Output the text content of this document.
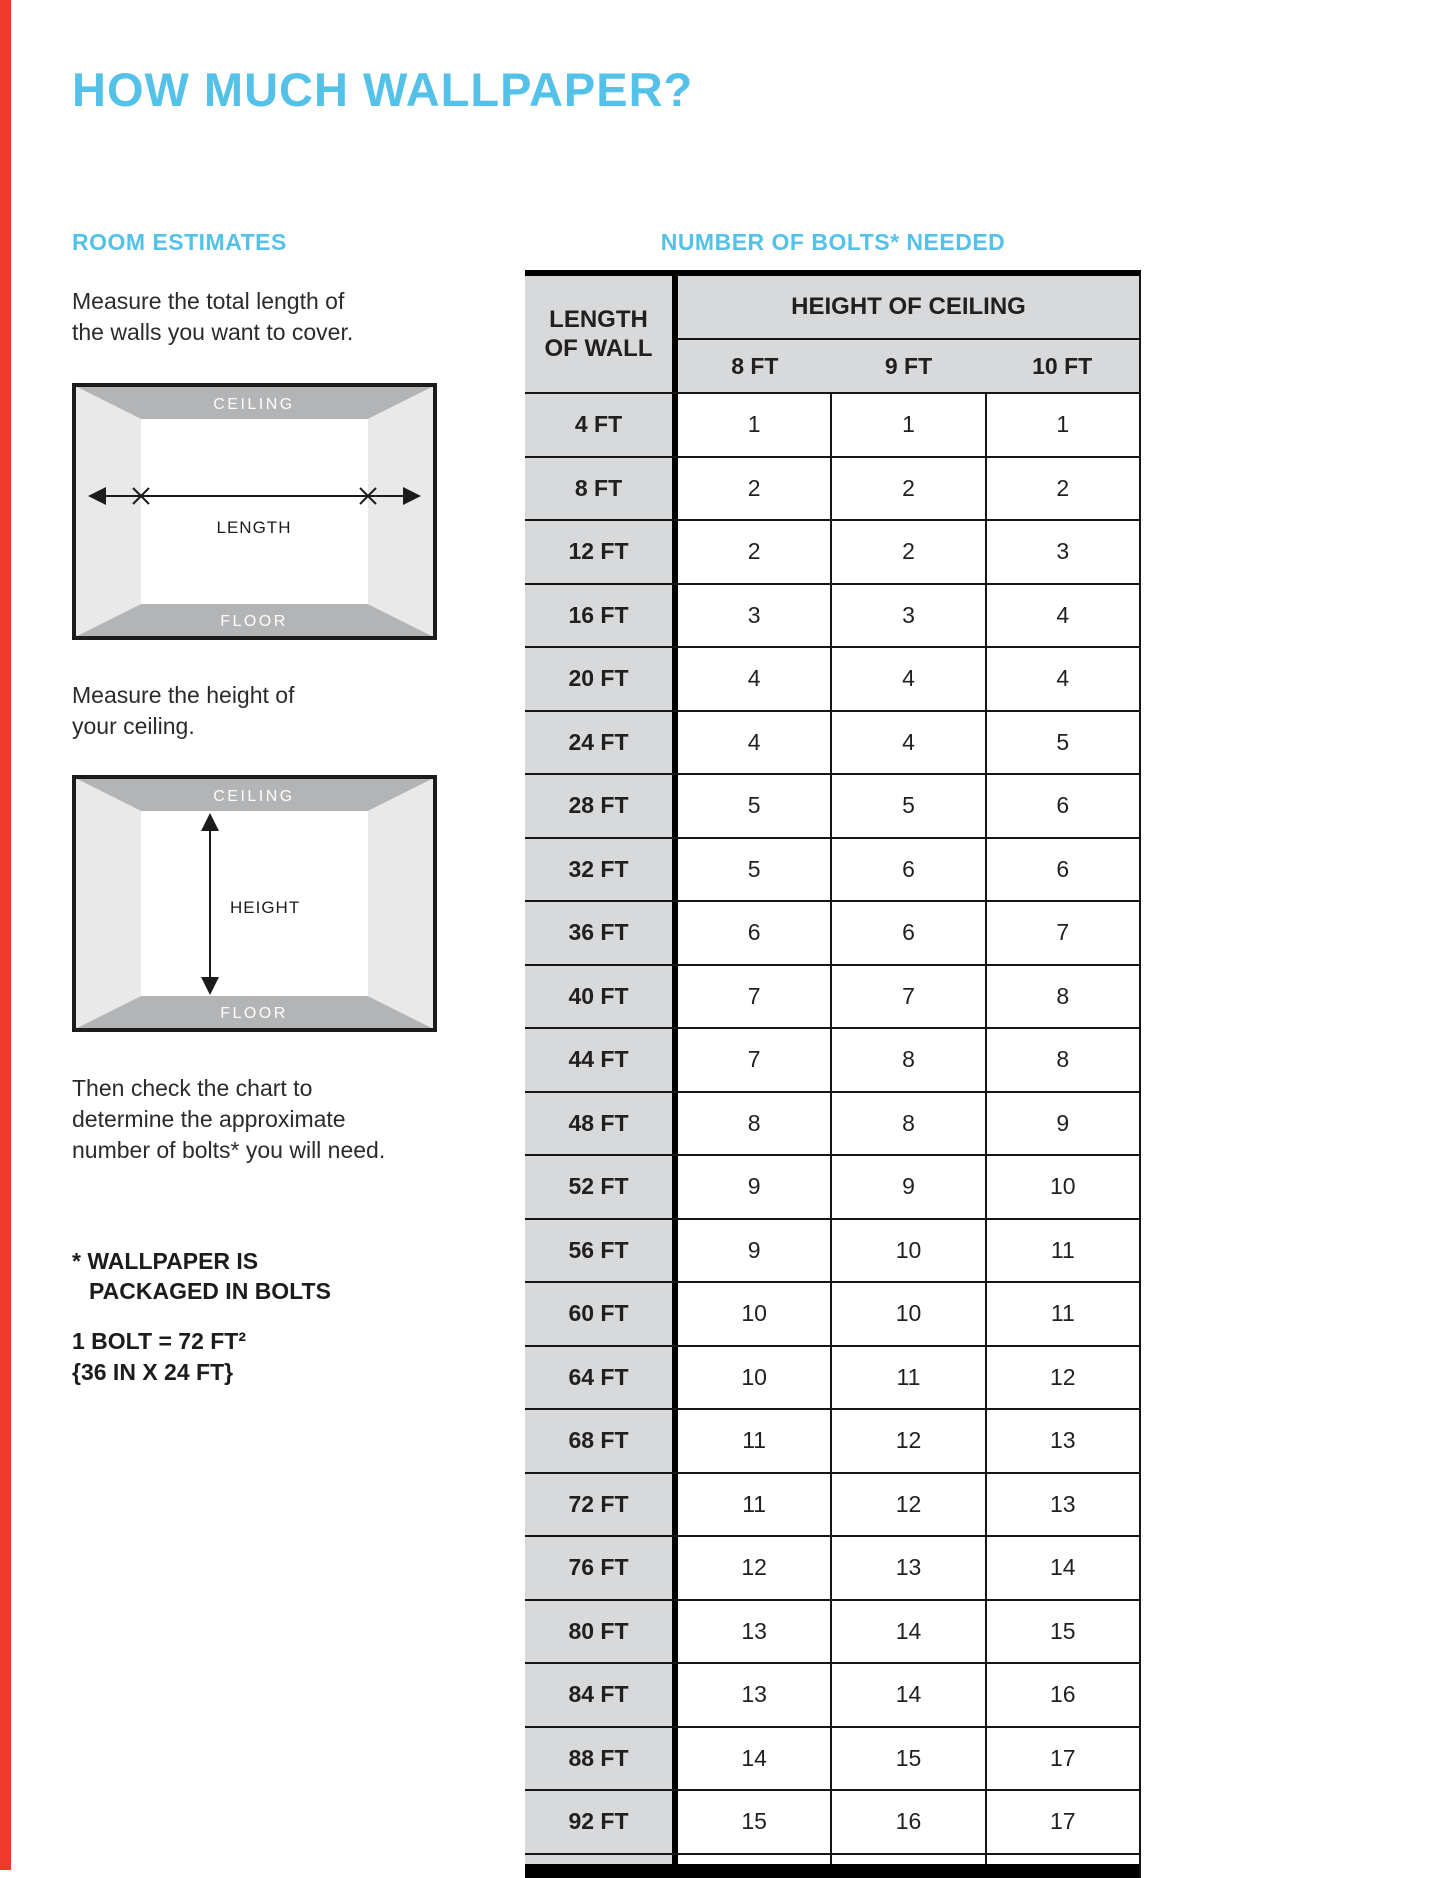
HOW MUCH WALLPAPER?
ROOM ESTIMATES	NUMBER OF BOLTS* NEEDED
Measure the total length of
the walls you want to cover.
CEILING
FLOOR
LENGTH
Measure the height of
your ceiling.
CEILING
FLOOR
HEIGHT
Then check the chart to
determine the approximate
number of bolts* you will need.
* WALLPAPER IS
PACKAGED IN BOLTS
1 BOLT = 72 FT²
{36 IN X 24 FT}
LENGTH
OF WALL
HEIGHT OF CEILING
8 FT	9 FT	10 FT
4 FT	1	1	1
8 FT	2	2	2
12 FT	2	2	3
16 FT	3	3	4
20 FT	4	4	4
24 FT	4	4	5
28 FT	5	5	6
32 FT	5	6	6
36 FT	6	6	7
40 FT	7	7	8
44 FT	7	8	8
48 FT	8	8	9
52 FT	9	9	10
56 FT	9	10	11
60 FT	10	10	11
64 FT	10	11	12
68 FT	11	12	13
72 FT	11	12	13
76 FT	12	13	14
80 FT	13	14	15
84 FT	13	14	16
88 FT	14	15	17
92 FT	15	16	17
